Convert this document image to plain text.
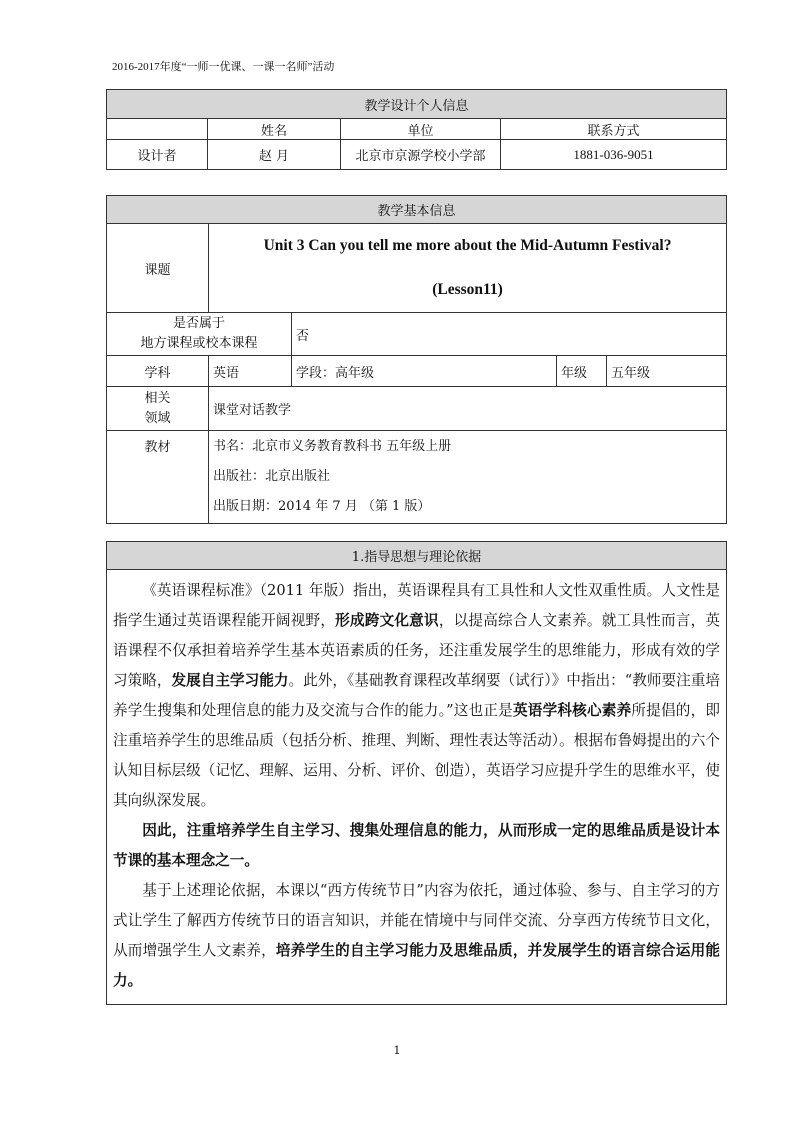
2016-2017年度“一师一优课、一课一名师”活动
教学设计个人信息			
	姓名	单位	联系方式
设计者	赵 月	北京市京源学校小学部	1881-036-9051
教学基本信息				
课题	Unit 3 Can you tell me more about the Mid-Autumn Festival?
(Lesson11)			

是否属于
地方课程或校本课程		否		
学科	英语	学段：高年级	年级	五年级

相关
领域	课堂对话教学			
教材	书名：北京市义务教育教科书 五年级上册
出版社：北京出版社
出版日期：2014 年 7 月 （第 1 版）			
1.指导思想与理论依据

《英语课程标准》（2011 年版）指出，英语课程具有工具性和人文性双重性质。人文性是指学生通过英语课程能开阔视野，形成跨文化意识，以提高综合人文素养。就工具性而言，英语课程不仅承担着培养学生基本英语素质的任务，还注重发展学生的思维能力，形成有效的学习策略，发展自主学习能力。此外，《基础教育课程改革纲要（试行）》中指出：“教师要注重培养学生搜集和处理信息的能力及交流与合作的能力。”这也正是英语学科核心素养所提倡的，即注重培养学生的思维品质（包括分析、推理、判断、理性表达等活动）。根据布鲁姆提出的六个认知目标层级（记忆、理解、运用、分析、评价、创造），英语学习应提升学生的思维水平，使其向纵深发展。

因此，注重培养学生自主学习、搜集处理信息的能力，从而形成一定的思维品质是设计本节课的基本理念之一。

基于上述理论依据，本课以“西方传统节日”内容为依托，通过体验、参与、自主学习的方式让学生了解西方传统节日的语言知识，并能在情境中与同伴交流、分享西方传统节日文化，从而增强学生人文素养，培养学生的自主学习能力及思维品质，并发展学生的语言综合运用能力。

1
